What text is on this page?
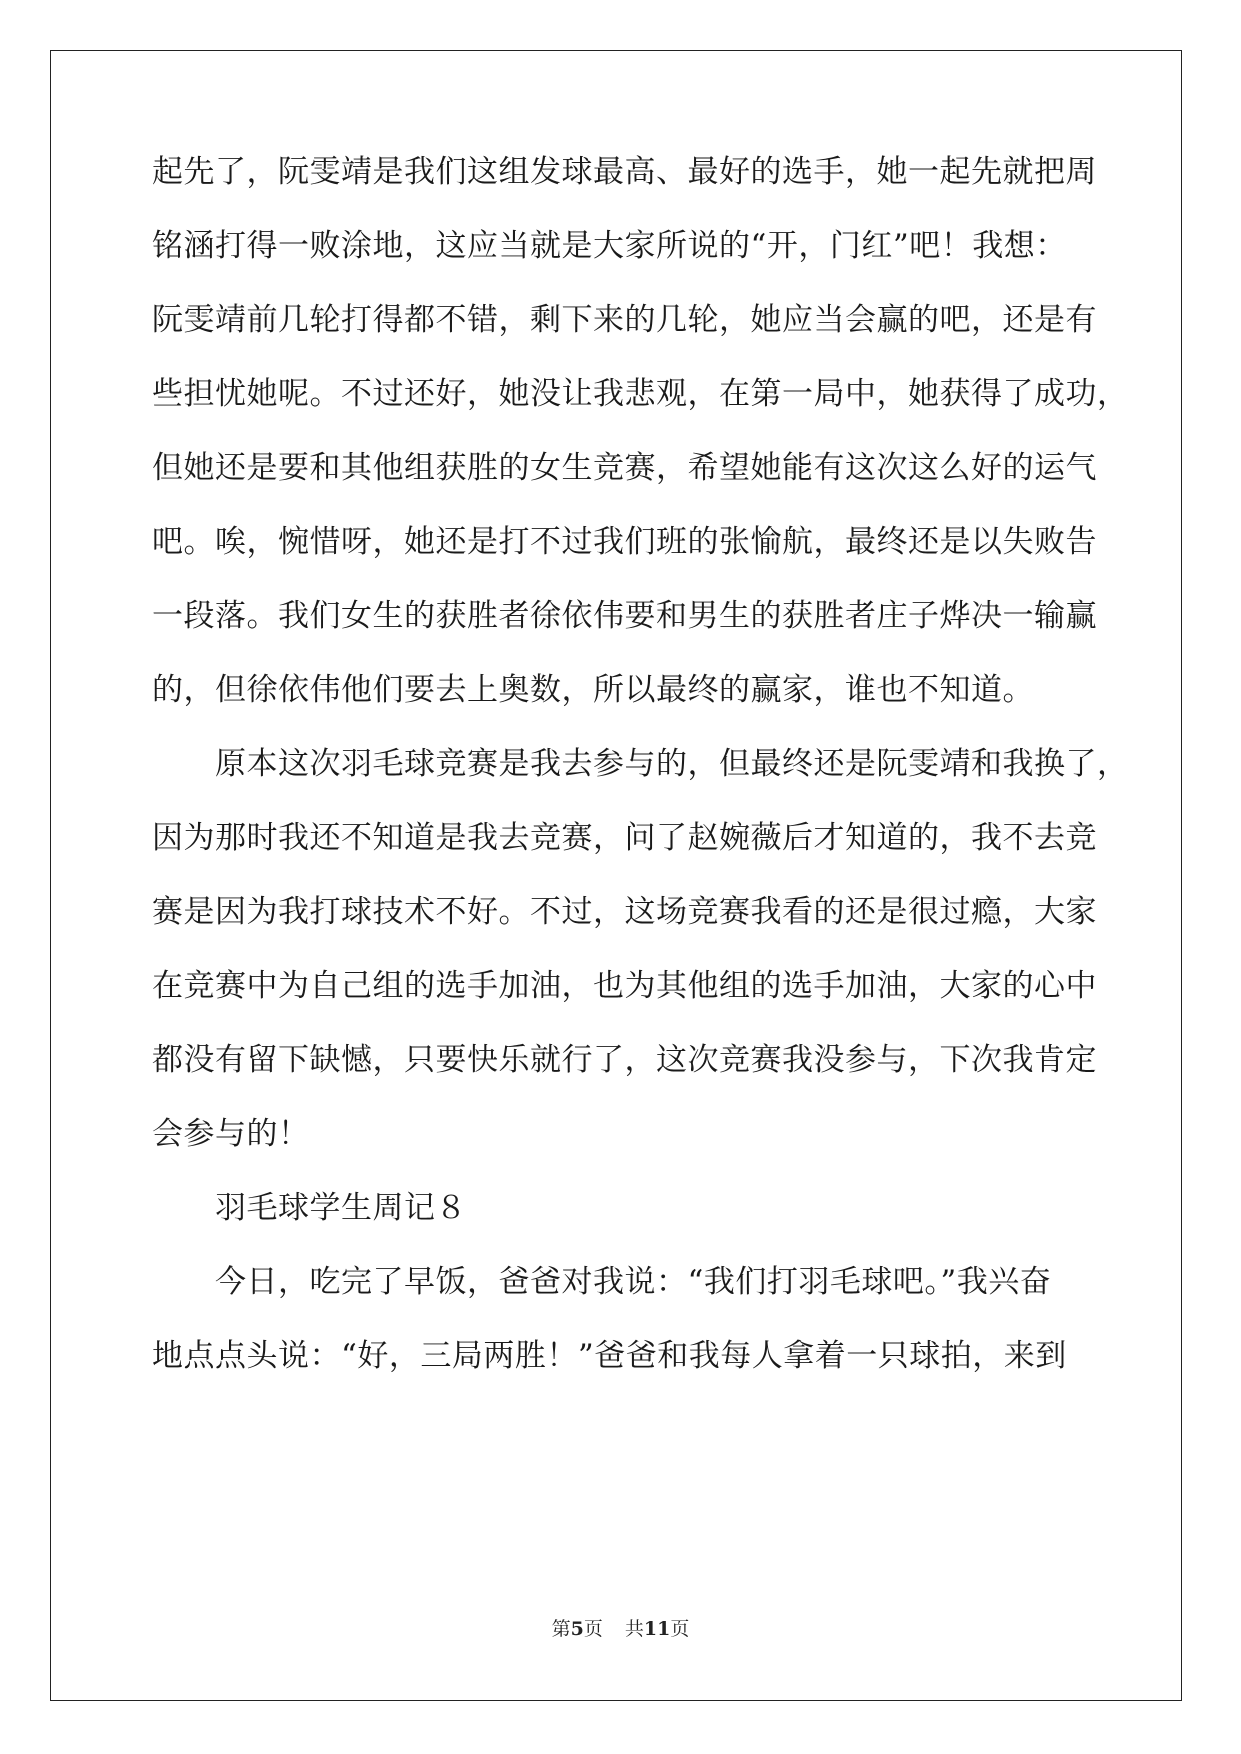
起先了，阮雯靖是我们这组发球最高、最好的选手，她一起先就把周
铭涵打得一败涂地，这应当就是大家所说的“开，门红”吧！我想：
阮雯靖前几轮打得都不错，剩下来的几轮，她应当会赢的吧，还是有
些担忧她呢。不过还好，她没让我悲观，在第一局中，她获得了成功，
但她还是要和其他组获胜的女生竞赛，希望她能有这次这么好的运气
吧。唉，惋惜呀，她还是打不过我们班的张愉航，最终还是以失败告
一段落。我们女生的获胜者徐依伟要和男生的获胜者庄子烨决一输赢
的，但徐依伟他们要去上奥数，所以最终的赢家，谁也不知道。
　　原本这次羽毛球竞赛是我去参与的，但最终还是阮雯靖和我换了，
因为那时我还不知道是我去竞赛，问了赵婉薇后才知道的，我不去竞
赛是因为我打球技术不好。不过，这场竞赛我看的还是很过瘾，大家
在竞赛中为自己组的选手加油，也为其他组的选手加油，大家的心中
都没有留下缺憾，只要快乐就行了，这次竞赛我没参与，下次我肯定
会参与的！
　　羽毛球学生周记８
　　今日，吃完了早饭，爸爸对我说：“我们打羽毛球吧。”我兴奋
地点点头说：“好，三局两胜！”爸爸和我每人拿着一只球拍，来到
第5页 共11页
